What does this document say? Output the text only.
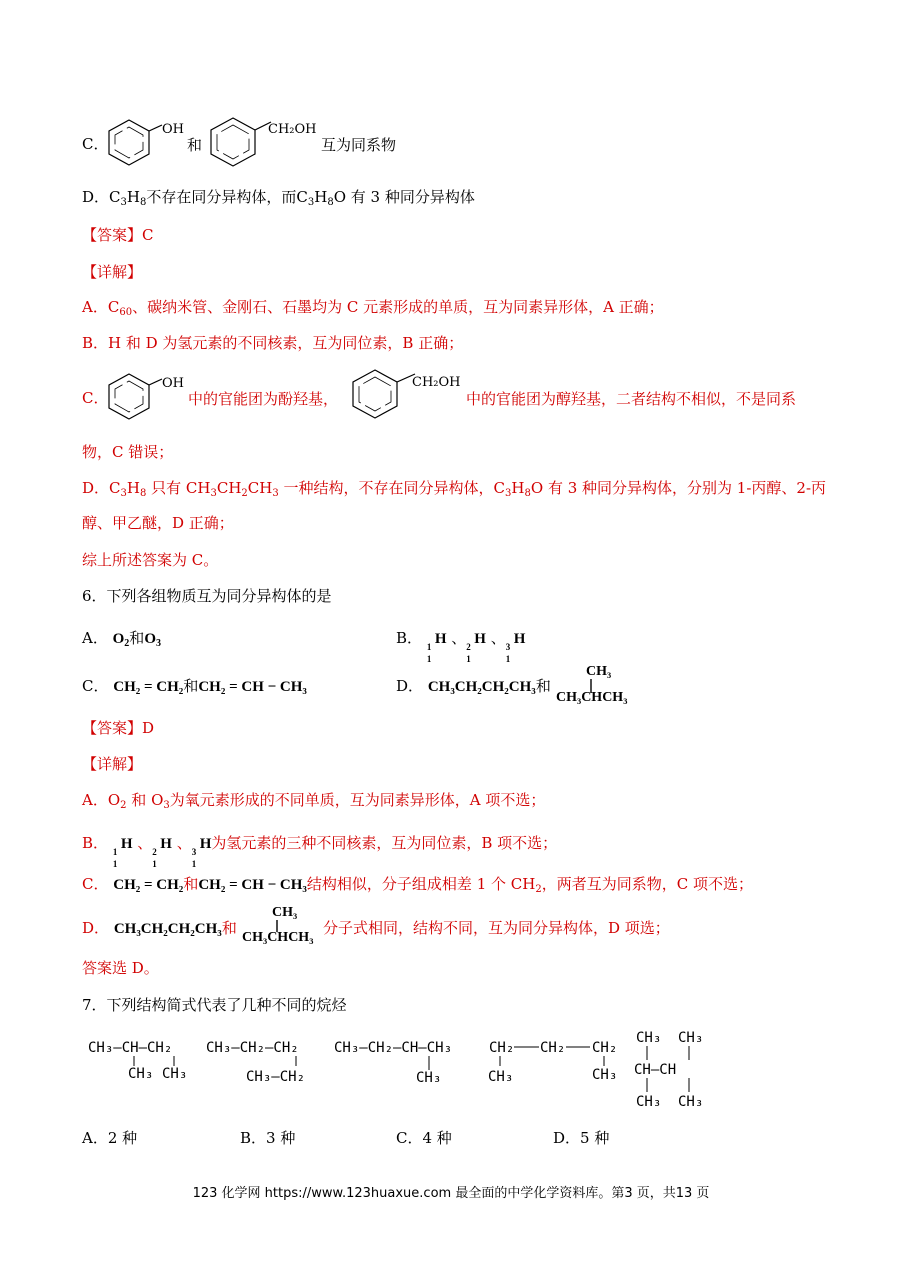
C．
OH
和
CH₂OH
互为同系物
D．$C_3H_8$不存在同分异构体，而$C_3H_8O$ 有 3 种同分异构体
【答案】C
【详解】
A．$C_{60}$、碳纳米管、金刚石、石墨均为 C 元素形成的单质，互为同素异形体，A 正确；
B．H 和 D 为氢元素的不同核素，互为同位素，B 正确；
C．
OH
中的官能团为酚羟基，
CH₂OH
中的官能团为醇羟基，二者结构不相似，不是同系
物，C 错误；
D．$C_3H_8$ 只有 $CH_3CH_2CH_3$ 一种结构，不存在同分异构体，$C_3H_8O$ 有 3 种同分异构体，分别为 1-丙醇、2-丙
醇、甲乙醚，D 正确；
综上所述答案为 C。
6．下列各组物质互为同分异构体的是
A． $O_2$和$O_3$	B． 1
1
H 、 2
1
H 、 3
1
H
C． CH₂ = CH₂和CH₂ = CH − CH₃	D． CH₃CH₂CH₂CH₃和
CH₃
CH₃CHCH₃
【答案】D
【详解】
A．$O_2$ 和 $O_3$为氧元素形成的不同单质，互为同素异形体，A 项不选；
B． 1
1
H 、 2
1
H 、 3
1
H为氢元素的三种不同核素，互为同位素，B 项不选；
C． CH₂ = CH₂和CH₂ = CH − CH₃结构相似，分子组成相差 1 个 $CH_2$，两者互为同系物，C 项不选；
D． CH₃CH₂CH₂CH₃和
CH₃
CH₃CHCH₃
分子式相同，结构不同，互为同分异构体，D 项选；
答案选 D。
7．下列结构简式代表了几种不同的烷烃
CH₃–CH–CH₂
CH₃ CH₃
CH₃–CH₂–CH₂
CH₃–CH₂
CH₃–CH₂–CH–CH₃
CH₃
CH₂ CH₂ CH₂
CH₃	CH₃
CH₃ CH₃
CH–CH
CH₃ CH₃
A．2 种	B．3 种	C．4 种	D．5 种
123 化学网 https://www.123huaxue.com 最全面的中学化学资料库。第3 页，共13 页
